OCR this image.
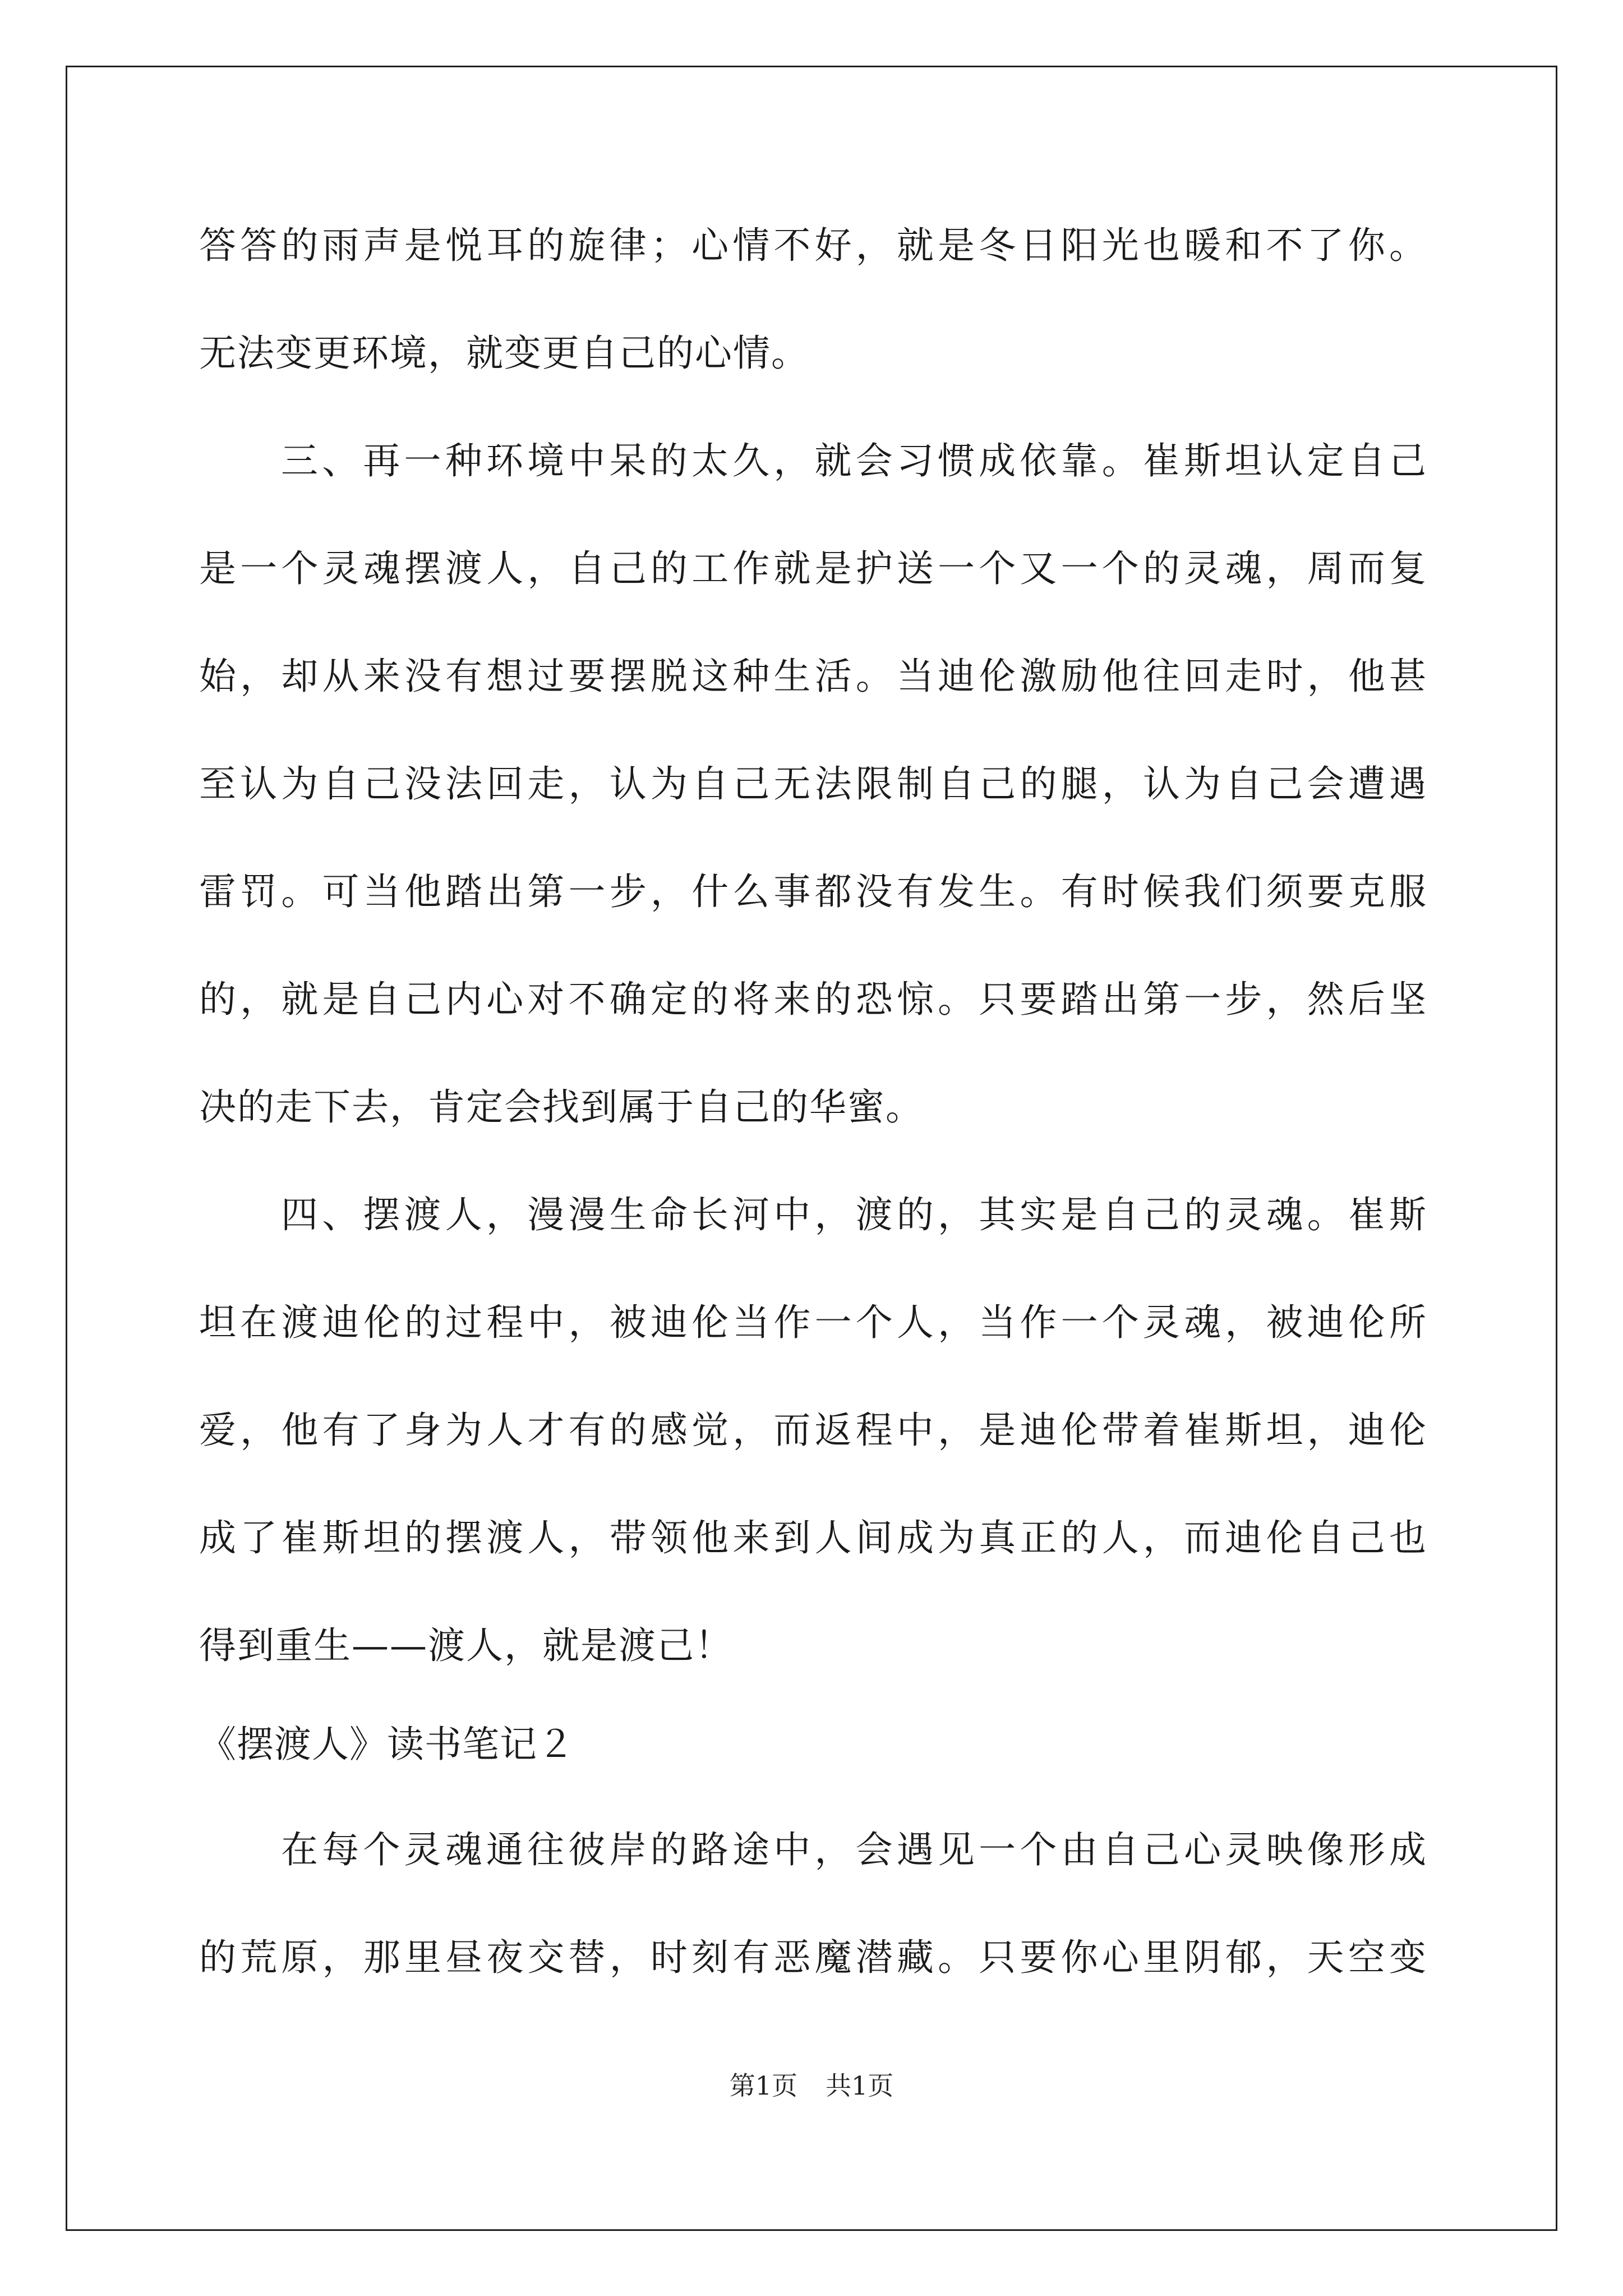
答答的雨声是悦耳的旋律；心情不好，就是冬日阳光也暖和不了你。
无法变更环境，就变更自己的心情。
三、再一种环境中呆的太久，就会习惯成依靠。崔斯坦认定自己
是一个灵魂摆渡人，自己的工作就是护送一个又一个的灵魂，周而复
始，却从来没有想过要摆脱这种生活。当迪伦激励他往回走时，他甚
至认为自己没法回走，认为自己无法限制自己的腿，认为自己会遭遇
雷罚。可当他踏出第一步，什么事都没有发生。有时候我们须要克服
的，就是自己内心对不确定的将来的恐惊。只要踏出第一步，然后坚
决的走下去，肯定会找到属于自己的华蜜。
四、摆渡人，漫漫生命长河中，渡的，其实是自己的灵魂。崔斯
坦在渡迪伦的过程中，被迪伦当作一个人，当作一个灵魂，被迪伦所
爱，他有了身为人才有的感觉，而返程中，是迪伦带着崔斯坦，迪伦
成了崔斯坦的摆渡人，带领他来到人间成为真正的人，而迪伦自己也
得到重生——渡人，就是渡己！
《摆渡人》读书笔记２
在每个灵魂通往彼岸的路途中，会遇见一个由自己心灵映像形成
的荒原，那里昼夜交替，时刻有恶魔潜藏。只要你心里阴郁，天空变
第1页 共1页
